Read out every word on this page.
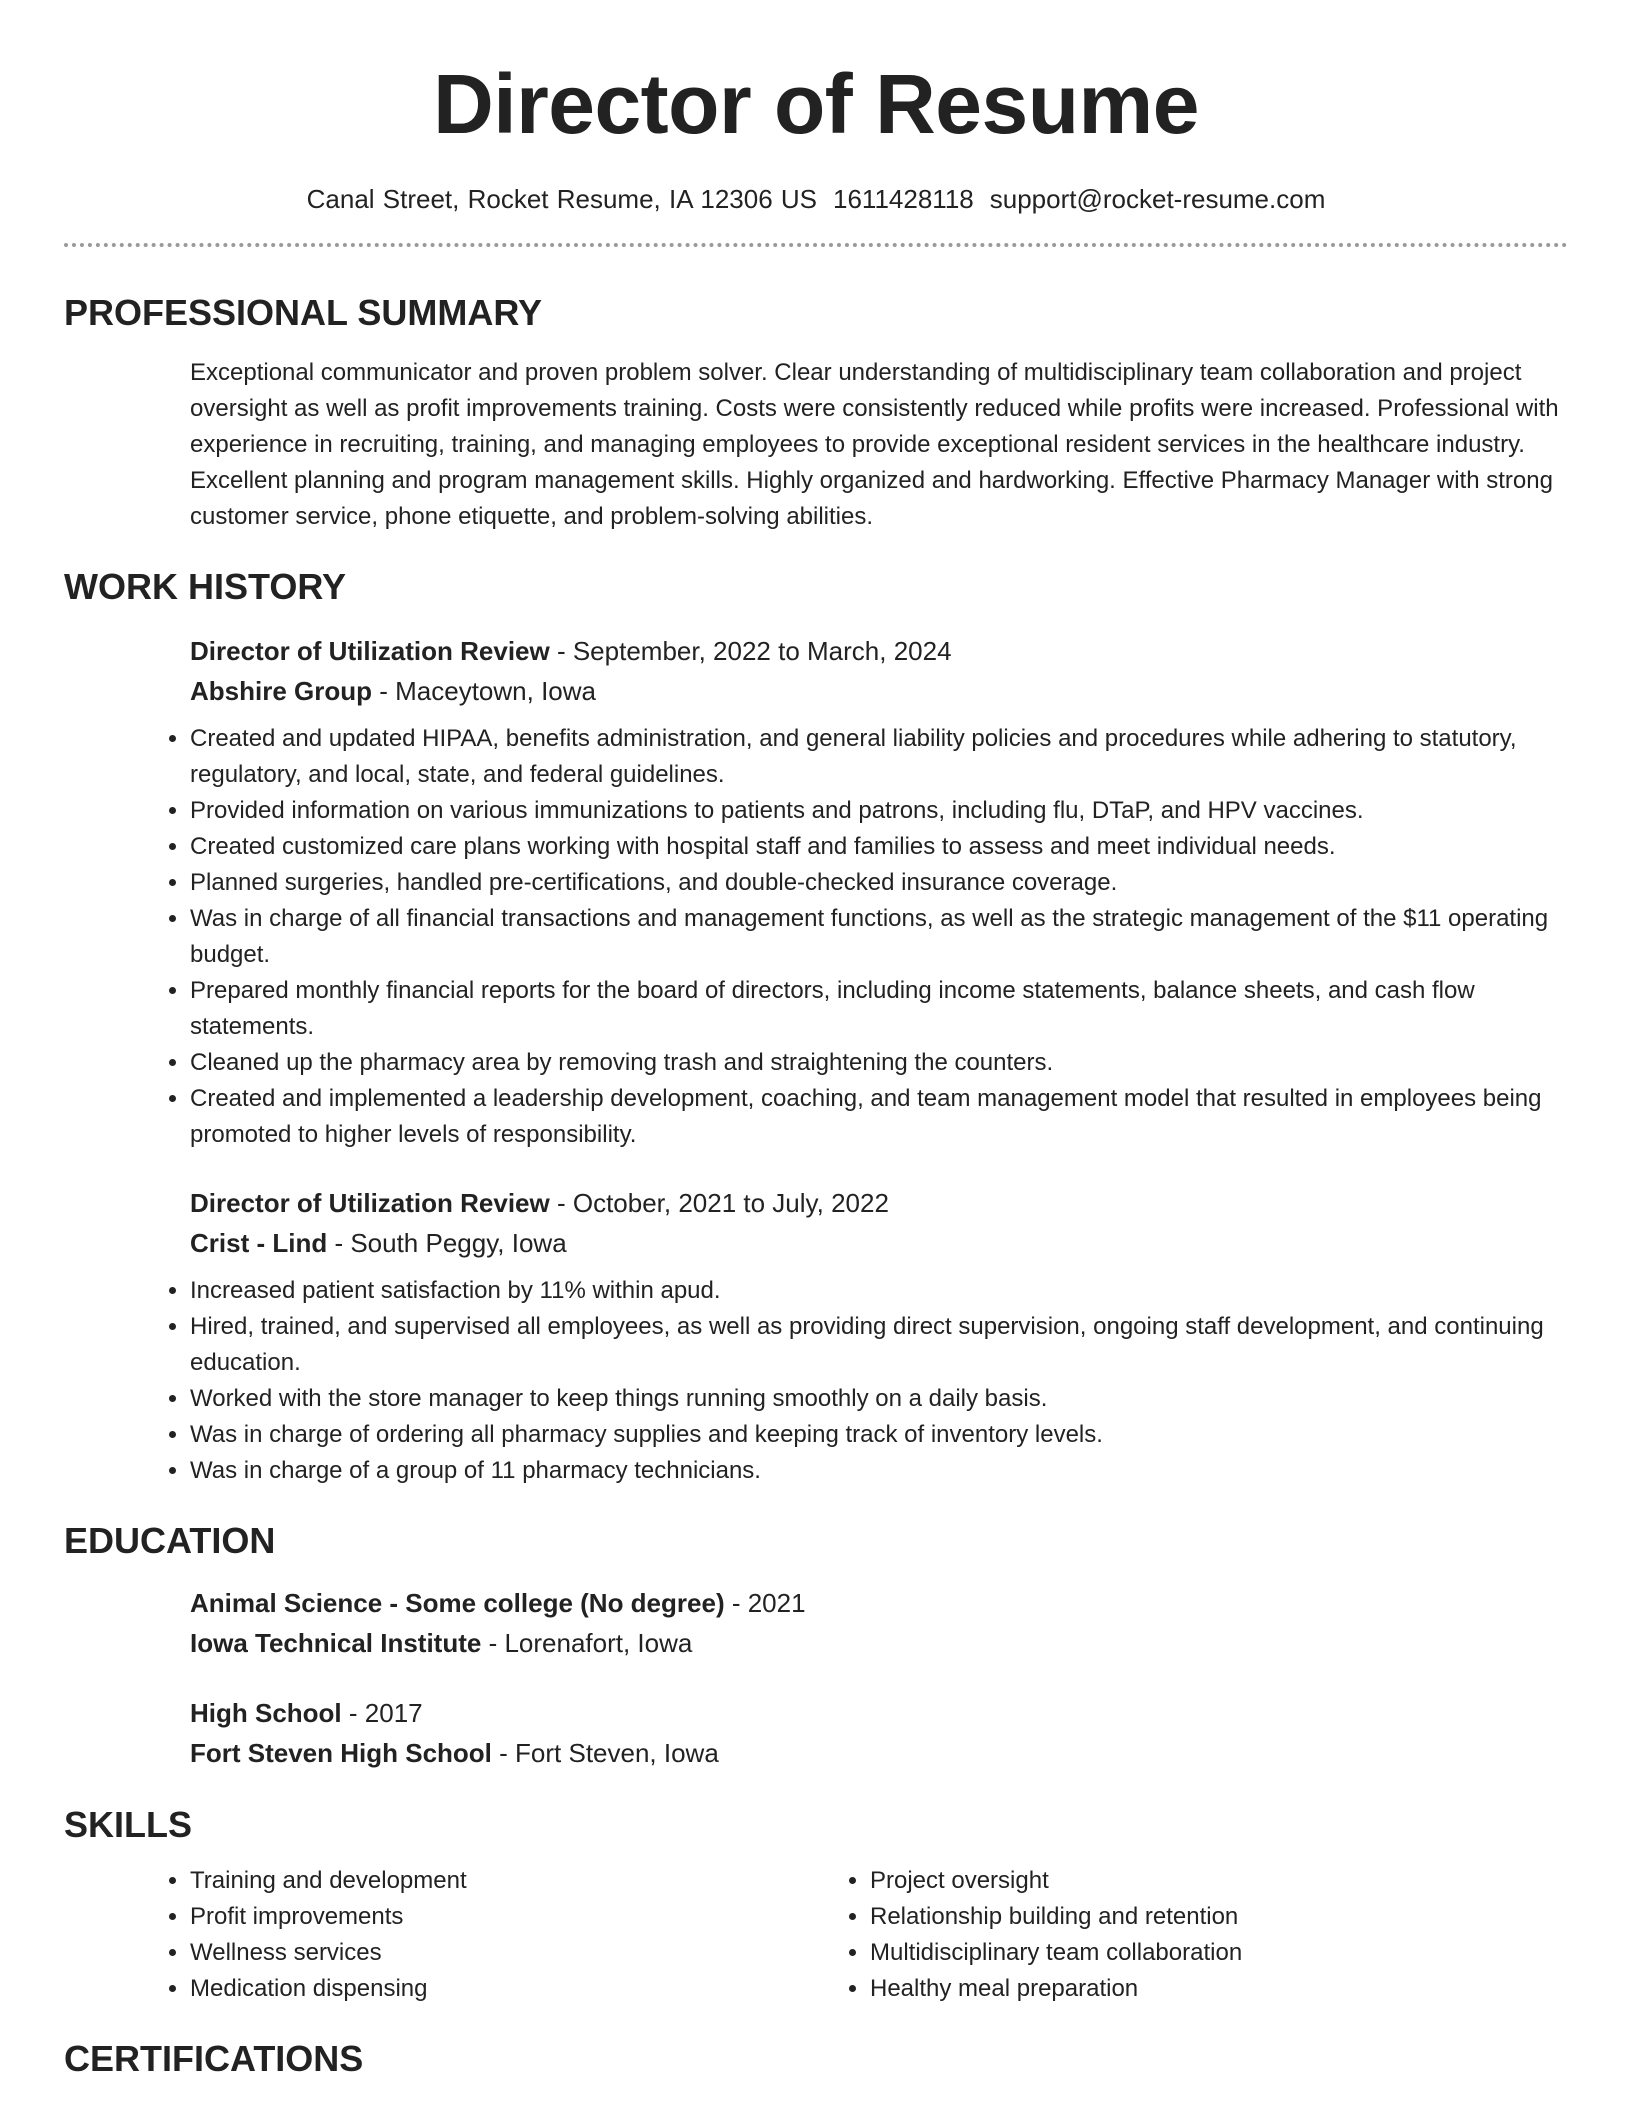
Director of Resume
Canal Street, Rocket Resume, IA 12306 US 1611428118 support@rocket-resume.com
PROFESSIONAL SUMMARY
Exceptional communicator and proven problem solver. Clear understanding of multidisciplinary team collaboration and project oversight as well as profit improvements training. Costs were consistently reduced while profits were increased. Professional with experience in recruiting, training, and managing employees to provide exceptional resident services in the healthcare industry. Excellent planning and program management skills. Highly organized and hardworking. Effective Pharmacy Manager with strong customer service, phone etiquette, and problem-solving abilities.
WORK HISTORY
Director of Utilization Review - September, 2022 to March, 2024
Abshire Group - Maceytown, Iowa
• Created and updated HIPAA, benefits administration, and general liability policies and procedures while adhering to statutory, regulatory, and local, state, and federal guidelines.
• Provided information on various immunizations to patients and patrons, including flu, DTaP, and HPV vaccines.
• Created customized care plans working with hospital staff and families to assess and meet individual needs.
• Planned surgeries, handled pre-certifications, and double-checked insurance coverage.
• Was in charge of all financial transactions and management functions, as well as the strategic management of the $11 operating budget.
• Prepared monthly financial reports for the board of directors, including income statements, balance sheets, and cash flow statements.
• Cleaned up the pharmacy area by removing trash and straightening the counters.
• Created and implemented a leadership development, coaching, and team management model that resulted in employees being promoted to higher levels of responsibility.
Director of Utilization Review - October, 2021 to July, 2022
Crist - Lind - South Peggy, Iowa
• Increased patient satisfaction by 11% within apud.
• Hired, trained, and supervised all employees, as well as providing direct supervision, ongoing staff development, and continuing education.
• Worked with the store manager to keep things running smoothly on a daily basis.
• Was in charge of ordering all pharmacy supplies and keeping track of inventory levels.
• Was in charge of a group of 11 pharmacy technicians.
EDUCATION
Animal Science - Some college (No degree) - 2021
Iowa Technical Institute - Lorenafort, Iowa
High School - 2017
Fort Steven High School - Fort Steven, Iowa
SKILLS
• Training and development
• Profit improvements
• Wellness services
• Medication dispensing
• Project oversight
• Relationship building and retention
• Multidisciplinary team collaboration
• Healthy meal preparation
CERTIFICATIONS
